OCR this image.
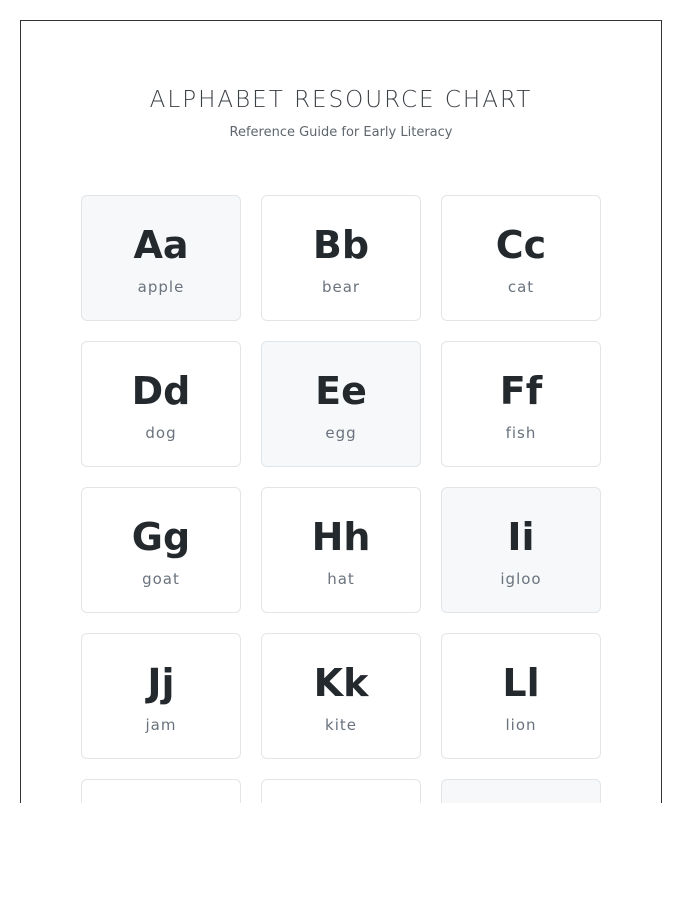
ALPHABET RESOURCE CHART

Reference Guide for Early Literacy

Aa
apple
Bb
bear
Cc
cat
Dd
dog
Ee
egg
Ff
fish
Gg
goat
Hh
hat
Ii
igloo
Jj
jam
Kk
kite
Ll
lion
